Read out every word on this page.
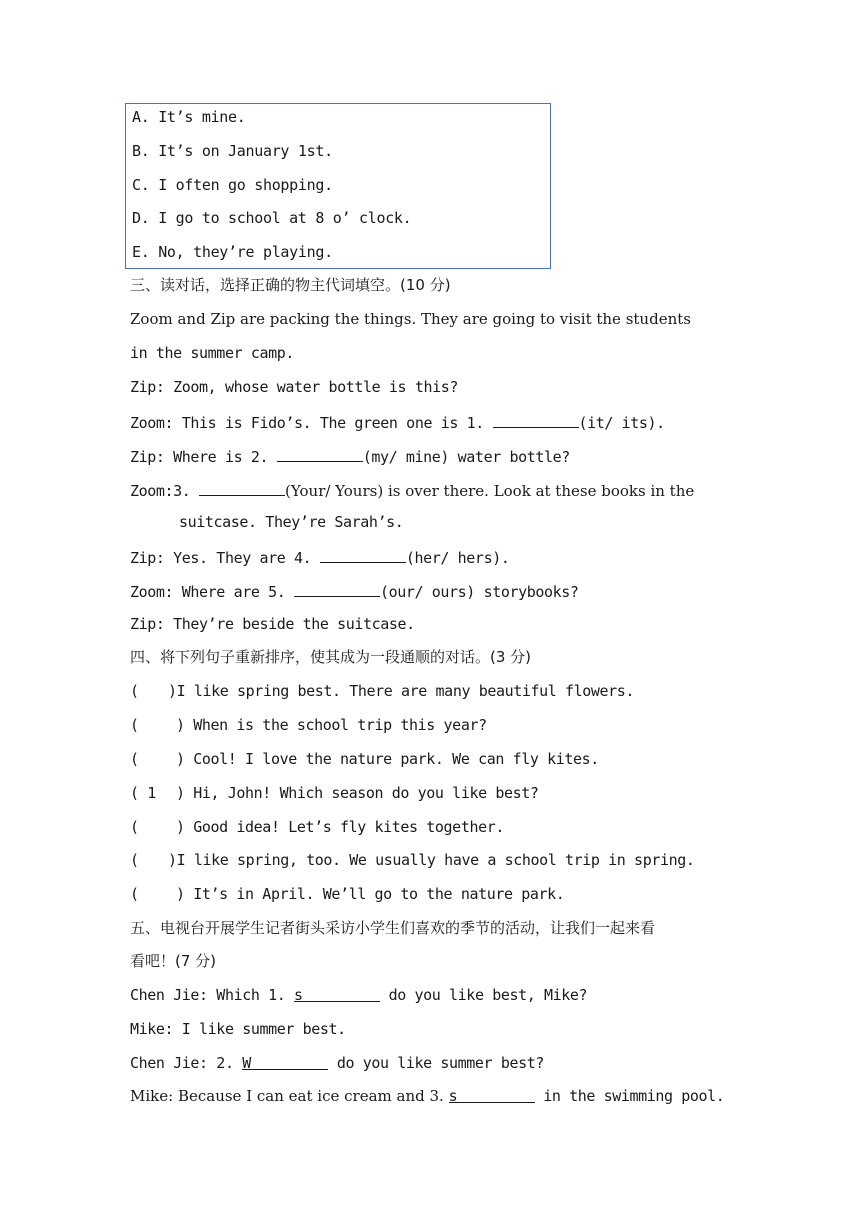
A. It’s mine.
B. It’s on January 1st.
C. I often go shopping.
D. I go to school at 8 o’ clock.
E. No, they’re playing.
三、读对话，选择正确的物主代词填空。(10 分)
Zoom and Zip are packing the things. They are going to visit the students
in the summer camp.
Zip: Zoom, whose water bottle is this?
Zoom: This is Fido’s. The green one is 1.	(it/ its).
Zip: Where is 2.	(my/ mine) water bottle?
Zoom:3.	(Your/ Yours) is over there. Look at these books in the
suitcase. They’re Sarah’s.
Zip: Yes. They are 4.	(her/ hers).
Zoom: Where are 5.	(our/ ours) storybooks?
Zip: They’re beside the suitcase.
四、将下列句子重新排序，使其成为一段通顺的对话。(3 分)
()I like spring best. There are many beautiful flowers.
() When is the school trip this year?
() Cool! I love the nature park. We can fly kites.
( 1 ) Hi, John! Which season do you like best?
() Good idea! Let’s fly kites together.
()I like spring, too. We usually have a school trip in spring.
() It’s in April. We’ll go to the nature park.
五、电视台开展学生记者街头采访小学生们喜欢的季节的活动，让我们一起来看
看吧！(7 分)
Chen Jie: Which 1. s	do you like best, Mike?
Mike: I like summer best.
Chen Jie: 2. W	do you like summer best?
Mike: Because I can eat ice cream and 3. s	in the swimming pool.
